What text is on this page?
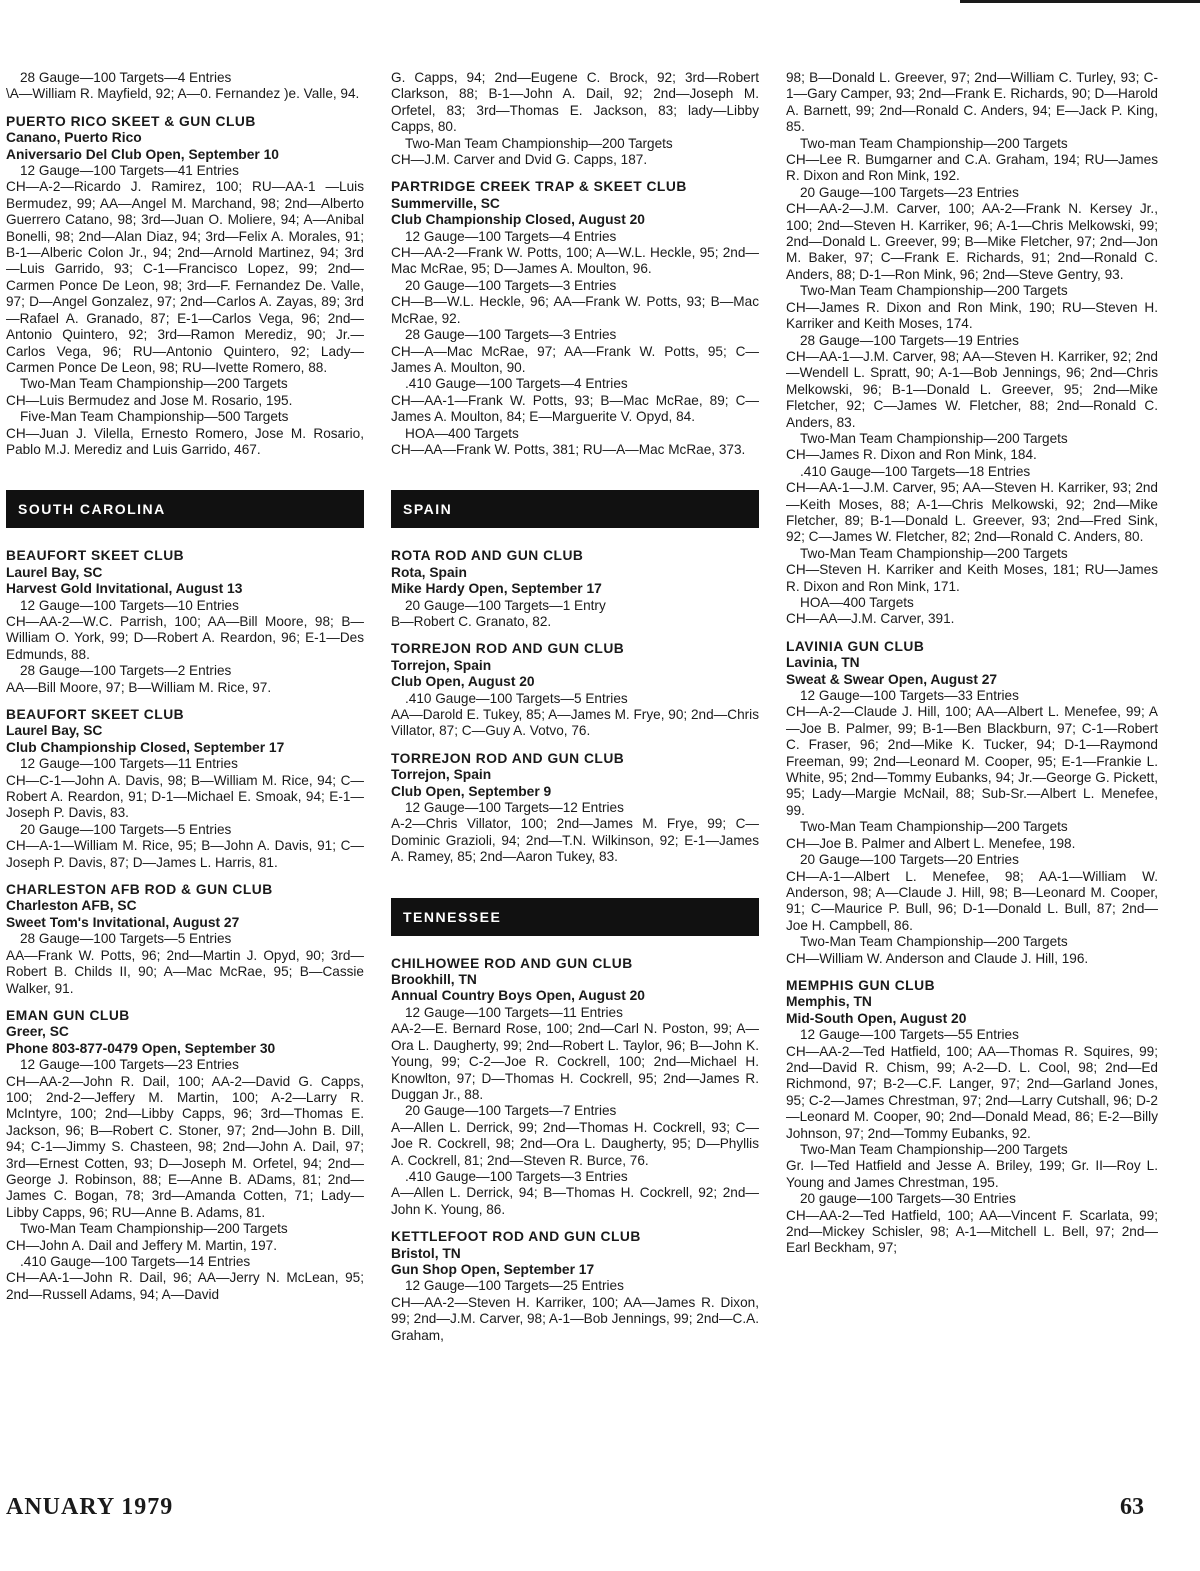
28 Gauge—100 Targets—4 Entries
\A—William R. Mayfield, 92; A—0. Fernandez )e. Valle, 94.
PUERTO RICO SKEET & GUN CLUB
Canano, Puerto Rico
Aniversario Del Club Open, September 10
12 Gauge—100 Targets—41 Entries
CH—A-2—Ricardo J. Ramirez, 100; RU—AA-1 —Luis Bermudez, 99; AA—Angel M. Marchand, 98; 2nd—Alberto Guerrero Catano, 98; 3rd—Juan O. Moliere, 94; A—Anibal Bonelli, 98; 2nd—Alan Diaz, 94; 3rd—Felix A. Morales, 91; B-1—Alberic Colon Jr., 94; 2nd—Arnold Martinez, 94; 3rd—Luis Garrido, 93; C-1—Francisco Lopez, 99; 2nd—Carmen Ponce De Leon, 98; 3rd—F. Fernandez De. Valle, 97; D—Angel Gonzalez, 97; 2nd—Carlos A. Zayas, 89; 3rd—Rafael A. Granado, 87; E-1—Carlos Vega, 96; 2nd—Antonio Quintero, 92; 3rd—Ramon Merediz, 90; Jr.—Carlos Vega, 96; RU—Antonio Quintero, 92; Lady—Carmen Ponce De Leon, 98; RU—Ivette Romero, 88.
Two-Man Team Championship—200 Targets
CH—Luis Bermudez and Jose M. Rosario, 195.
Five-Man Team Championship—500 Targets
CH—Juan J. Vilella, Ernesto Romero, Jose M. Rosario, Pablo M.J. Merediz and Luis Garrido, 467.
SOUTH CAROLINA
BEAUFORT SKEET CLUB
Laurel Bay, SC
Harvest Gold Invitational, August 13
12 Gauge—100 Targets—10 Entries
CH—AA-2—W.C. Parrish, 100; AA—Bill Moore, 98; B—William O. York, 99; D—Robert A. Reardon, 96; E-1—Des Edmunds, 88.
28 Gauge—100 Targets—2 Entries
AA—Bill Moore, 97; B—William M. Rice, 97.
BEAUFORT SKEET CLUB
Laurel Bay, SC
Club Championship Closed, September 17
12 Gauge—100 Targets—11 Entries
CH—C-1—John A. Davis, 98; B—William M. Rice, 94; C—Robert A. Reardon, 91; D-1—Michael E. Smoak, 94; E-1—Joseph P. Davis, 83.
20 Gauge—100 Targets—5 Entries
CH—A-1—William M. Rice, 95; B—John A. Davis, 91; C—Joseph P. Davis, 87; D—James L. Harris, 81.
CHARLESTON AFB ROD & GUN CLUB
Charleston AFB, SC
Sweet Tom's Invitational, August 27
28 Gauge—100 Targets—5 Entries
AA—Frank W. Potts, 96; 2nd—Martin J. Opyd, 90; 3rd—Robert B. Childs II, 90; A—Mac McRae, 95; B—Cassie Walker, 91.
EMAN GUN CLUB
Greer, SC
Phone 803-877-0479 Open, September 30
12 Gauge—100 Targets—23 Entries
CH—AA-2—John R. Dail, 100; AA-2—David G. Capps, 100; 2nd-2—Jeffery M. Martin, 100; A-2—Larry R. McIntyre, 100; 2nd—Libby Capps, 96; 3rd—Thomas E. Jackson, 96; B—Robert C. Stoner, 97; 2nd—John B. Dill, 94; C-1—Jimmy S. Chasteen, 98; 2nd—John A. Dail, 97; 3rd—Ernest Cotten, 93; D—Joseph M. Orfetel, 94; 2nd—George J. Robinson, 88; E—Anne B. ADams, 81; 2nd—James C. Bogan, 78; 3rd—Amanda Cotten, 71; Lady—Libby Capps, 96; RU—Anne B. Adams, 81.
Two-Man Team Championship—200 Targets
CH—John A. Dail and Jeffery M. Martin, 197.
.410 Gauge—100 Targets—14 Entries
CH—AA-1—John R. Dail, 96; AA—Jerry N. McLean, 95; 2nd—Russell Adams, 94; A—David
G. Capps, 94; 2nd—Eugene C. Brock, 92; 3rd—Robert Clarkson, 88; B-1—John A. Dail, 92; 2nd—Joseph M. Orfetel, 83; 3rd—Thomas E. Jackson, 83; lady—Libby Capps, 80.
Two-Man Team Championship—200 Targets
CH—J.M. Carver and Dvid G. Capps, 187.
PARTRIDGE CREEK TRAP & SKEET CLUB
Summerville, SC
Club Championship Closed, August 20
12 Gauge—100 Targets—4 Entries
CH—AA-2—Frank W. Potts, 100; A—W.L. Heckle, 95; 2nd—Mac McRae, 95; D—James A. Moulton, 96.
20 Gauge—100 Targets—3 Entries
CH—B—W.L. Heckle, 96; AA—Frank W. Potts, 93; B—Mac McRae, 92.
28 Gauge—100 Targets—3 Entries
CH—A—Mac McRae, 97; AA—Frank W. Potts, 95; C—James A. Moulton, 90.
.410 Gauge—100 Targets—4 Entries
CH—AA-1—Frank W. Potts, 93; B—Mac McRae, 89; C—James A. Moulton, 84; E—Marguerite V. Opyd, 84.
HOA—400 Targets
CH—AA—Frank W. Potts, 381; RU—A—Mac McRae, 373.
SPAIN
ROTA ROD AND GUN CLUB
Rota, Spain
Mike Hardy Open, September 17
20 Gauge—100 Targets—1 Entry
B—Robert C. Granato, 82.
TORREJON ROD AND GUN CLUB
Torrejon, Spain
Club Open, August 20
.410 Gauge—100 Targets—5 Entries
AA—Darold E. Tukey, 85; A—James M. Frye, 90; 2nd—Chris Villator, 87; C—Guy A. Votvo, 76.
TORREJON ROD AND GUN CLUB
Torrejon, Spain
Club Open, September 9
12 Gauge—100 Targets—12 Entries
A-2—Chris Villator, 100; 2nd—James M. Frye, 99; C—Dominic Grazioli, 94; 2nd—T.N. Wilkinson, 92; E-1—James A. Ramey, 85; 2nd—Aaron Tukey, 83.
TENNESSEE
CHILHOWEE ROD AND GUN CLUB
Brookhill, TN
Annual Country Boys Open, August 20
12 Gauge—100 Targets—11 Entries
AA-2—E. Bernard Rose, 100; 2nd—Carl N. Poston, 99; A—Ora L. Daugherty, 99; 2nd—Robert L. Taylor, 96; B—John K. Young, 99; C-2—Joe R. Cockrell, 100; 2nd—Michael H. Knowlton, 97; D—Thomas H. Cockrell, 95; 2nd—James R. Duggan Jr., 88.
20 Gauge—100 Targets—7 Entries
A—Allen L. Derrick, 99; 2nd—Thomas H. Cockrell, 93; C—Joe R. Cockrell, 98; 2nd—Ora L. Daugherty, 95; D—Phyllis A. Cockrell, 81; 2nd—Steven R. Burce, 76.
.410 Gauge—100 Targets—3 Entries
A—Allen L. Derrick, 94; B—Thomas H. Cockrell, 92; 2nd—John K. Young, 86.
KETTLEFOOT ROD AND GUN CLUB
Bristol, TN
Gun Shop Open, September 17
12 Gauge—100 Targets—25 Entries
CH—AA-2—Steven H. Karriker, 100; AA—James R. Dixon, 99; 2nd—J.M. Carver, 98; A-1—Bob Jennings, 99; 2nd—C.A. Graham,
98; B—Donald L. Greever, 97; 2nd—William C. Turley, 93; C-1—Gary Camper, 93; 2nd—Frank E. Richards, 90; D—Harold A. Barnett, 99; 2nd—Ronald C. Anders, 94; E—Jack P. King, 85.
Two-man Team Championship—200 Targets
CH—Lee R. Bumgarner and C.A. Graham, 194; RU—James R. Dixon and Ron Mink, 192.
20 Gauge—100 Targets—23 Entries
CH—AA-2—J.M. Carver, 100; AA-2—Frank N. Kersey Jr., 100; 2nd—Steven H. Karriker, 96; A-1—Chris Melkowski, 99; 2nd—Donald L. Greever, 99; B—Mike Fletcher, 97; 2nd—Jon M. Baker, 97; C—Frank E. Richards, 91; 2nd—Ronald C. Anders, 88; D-1—Ron Mink, 96; 2nd—Steve Gentry, 93.
Two-Man Team Championship—200 Targets
CH—James R. Dixon and Ron Mink, 190; RU—Steven H. Karriker and Keith Moses, 174.
28 Gauge—100 Targets—19 Entries
CH—AA-1—J.M. Carver, 98; AA—Steven H. Karriker, 92; 2nd—Wendell L. Spratt, 90; A-1—Bob Jennings, 96; 2nd—Chris Melkowski, 96; B-1—Donald L. Greever, 95; 2nd—Mike Fletcher, 92; C—James W. Fletcher, 88; 2nd—Ronald C. Anders, 83.
Two-Man Team Championship—200 Targets
CH—James R. Dixon and Ron Mink, 184.
.410 Gauge—100 Targets—18 Entries
CH—AA-1—J.M. Carver, 95; AA—Steven H. Karriker, 93; 2nd—Keith Moses, 88; A-1—Chris Melkowski, 92; 2nd—Mike Fletcher, 89; B-1—Donald L. Greever, 93; 2nd—Fred Sink, 92; C—James W. Fletcher, 82; 2nd—Ronald C. Anders, 80.
Two-Man Team Championship—200 Targets
CH—Steven H. Karriker and Keith Moses, 181; RU—James R. Dixon and Ron Mink, 171.
HOA—400 Targets
CH—AA—J.M. Carver, 391.
LAVINIA GUN CLUB
Lavinia, TN
Sweat & Swear Open, August 27
12 Gauge—100 Targets—33 Entries
CH—A-2—Claude J. Hill, 100; AA—Albert L. Menefee, 99; A—Joe B. Palmer, 99; B-1—Ben Blackburn, 97; C-1—Robert C. Fraser, 96; 2nd—Mike K. Tucker, 94; D-1—Raymond Freeman, 99; 2nd—Leonard M. Cooper, 95; E-1—Frankie L. White, 95; 2nd—Tommy Eubanks, 94; Jr.—George G. Pickett, 95; Lady—Margie McNail, 88; Sub-Sr.—Albert L. Menefee, 99.
Two-Man Team Championship—200 Targets
CH—Joe B. Palmer and Albert L. Menefee, 198.
20 Gauge—100 Targets—20 Entries
CH—A-1—Albert L. Menefee, 98; AA-1—William W. Anderson, 98; A—Claude J. Hill, 98; B—Leonard M. Cooper, 91; C—Maurice P. Bull, 96; D-1—Donald L. Bull, 87; 2nd—Joe H. Campbell, 86.
Two-Man Team Championship—200 Targets
CH—William W. Anderson and Claude J. Hill, 196.
MEMPHIS GUN CLUB
Memphis, TN
Mid-South Open, August 20
12 Gauge—100 Targets—55 Entries
CH—AA-2—Ted Hatfield, 100; AA—Thomas R. Squires, 99; 2nd—David R. Chism, 99; A-2—D. L. Cool, 98; 2nd—Ed Richmond, 97; B-2—C.F. Langer, 97; 2nd—Garland Jones, 95; C-2—James Chrestman, 97; 2nd—Larry Cutshall, 96; D-2—Leonard M. Cooper, 90; 2nd—Donald Mead, 86; E-2—Billy Johnson, 97; 2nd—Tommy Eubanks, 92.
Two-Man Team Championship—200 Targets
Gr. I—Ted Hatfield and Jesse A. Briley, 199; Gr. II—Roy L. Young and James Chrestman, 195.
20 gauge—100 Targets—30 Entries
CH—AA-2—Ted Hatfield, 100; AA—Vincent F. Scarlata, 99; 2nd—Mickey Schisler, 98; A-1—Mitchell L. Bell, 97; 2nd—Earl Beckham, 97;
ANUARY 1979	63
